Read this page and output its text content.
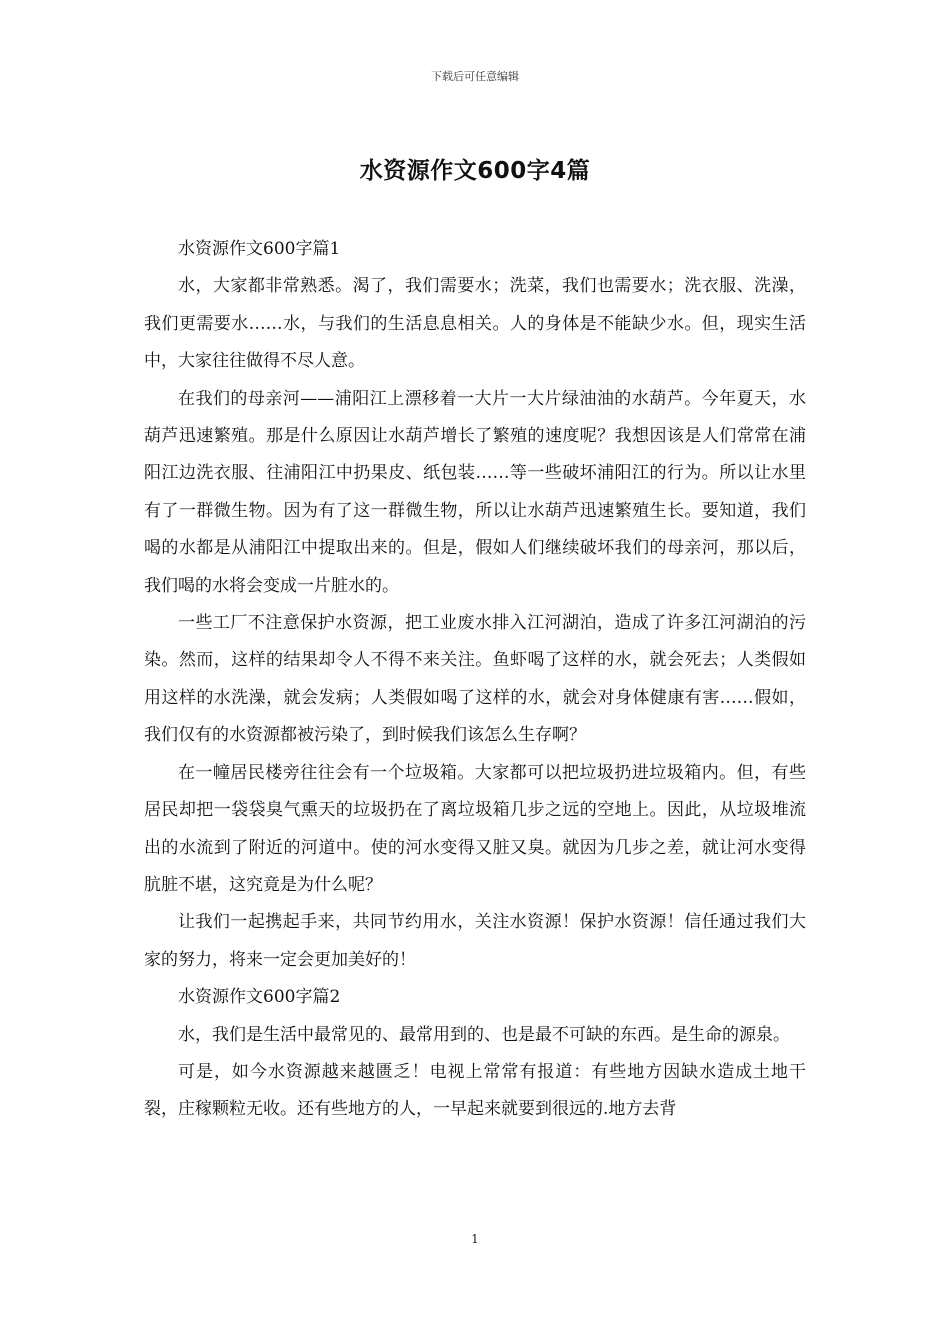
下载后可任意编辑
水资源作文600字4篇

水资源作文600字篇1

水，大家都非常熟悉。渴了，我们需要水；洗菜，我们也需要水；洗衣服、洗澡，我们更需要水……水，与我们的生活息息相关。人的身体是不能缺少水。但，现实生活中，大家往往做得不尽人意。

在我们的母亲河——浦阳江上漂移着一大片一大片绿油油的水葫芦。今年夏天，水葫芦迅速繁殖。那是什么原因让水葫芦增长了繁殖的速度呢？我想因该是人们常常在浦阳江边洗衣服、往浦阳江中扔果皮、纸包装……等一些破坏浦阳江的行为。所以让水里有了一群微生物。因为有了这一群微生物，所以让水葫芦迅速繁殖生长。要知道，我们喝的水都是从浦阳江中提取出来的。但是，假如人们继续破坏我们的母亲河，那以后，我们喝的水将会变成一片脏水的。

一些工厂不注意保护水资源，把工业废水排入江河湖泊，造成了许多江河湖泊的污染。然而，这样的结果却令人不得不来关注。鱼虾喝了这样的水，就会死去；人类假如用这样的水洗澡，就会发病；人类假如喝了这样的水，就会对身体健康有害……假如，我们仅有的水资源都被污染了，到时候我们该怎么生存啊？

在一幢居民楼旁往往会有一个垃圾箱。大家都可以把垃圾扔进垃圾箱内。但，有些居民却把一袋袋臭气熏天的垃圾扔在了离垃圾箱几步之远的空地上。因此，从垃圾堆流出的水流到了附近的河道中。使的河水变得又脏又臭。就因为几步之差，就让河水变得肮脏不堪，这究竟是为什么呢？

让我们一起携起手来，共同节约用水，关注水资源！保护水资源！信任通过我们大家的努力，将来一定会更加美好的！

水资源作文600字篇2

水，我们是生活中最常见的、最常用到的、也是最不可缺的东西。是生命的源泉。

可是，如今水资源越来越匮乏！电视上常常有报道：有些地方因缺水造成土地干裂，庄稼颗粒无收。还有些地方的人，一早起来就要到很远的.地方去背

1
